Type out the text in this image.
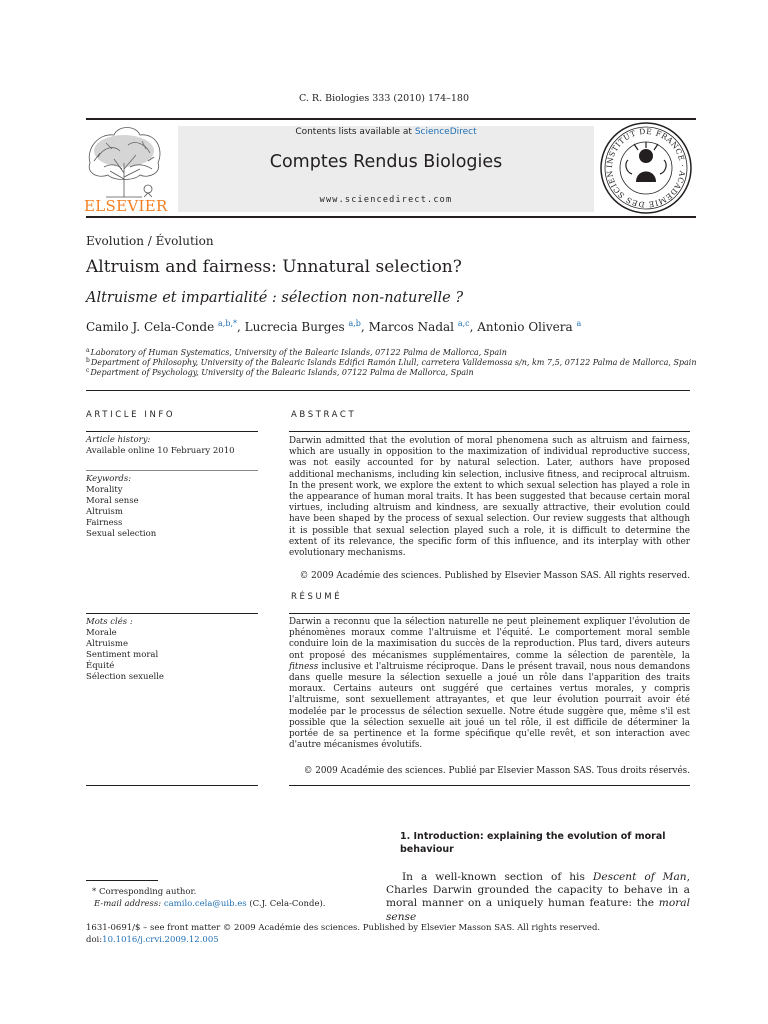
C. R. Biologies 333 (2010) 174–180
ELSEVIER
Contents lists available at ScienceDirect
Comptes Rendus Biologies
www.sciencedirect.com
INSTITUT DE FRANCE · ACADÉMIE DES SCIEN
Evolution / Évolution
Altruism and fairness: Unnatural selection?
Altruisme et impartialité : sélection non-naturelle ?
Camilo J. Cela-Conde $^{a,b,*}$, Lucrecia Burges $^{a,b}$, Marcos Nadal $^{a,c}$, Antonio Olivera $^a$
$^a$Laboratory of Human Systematics, University of the Balearic Islands, 07122 Palma de Mallorca, Spain
$^b$Department of Philosophy, University of the Balearic Islands Edifici Ramón Llull, carretera Valldemossa s/n, km 7,5, 07122 Palma de Mallorca, Spain
$^c$Department of Psychology, University of the Balearic Islands, 07122 Palma de Mallorca, Spain
ARTICLE INFO
Article history:
Available online 10 February 2010
Keywords:
Morality
Moral sense
Altruism
Fairness
Sexual selection
Mots clés :
Morale
Altruisme
Sentiment moral
Équité
Sélection sexuelle
ABSTRACT
Darwin admitted that the evolution of moral phenomena such as altruism and fairness, which are usually in opposition to the maximization of individual reproductive success, was not easily accounted for by natural selection. Later, authors have proposed additional mechanisms, including kin selection, inclusive fitness, and reciprocal altruism. In the present work, we explore the extent to which sexual selection has played a role in the appearance of human moral traits. It has been suggested that because certain moral virtues, including altruism and kindness, are sexually attractive, their evolution could have been shaped by the process of sexual selection. Our review suggests that although it is possible that sexual selection played such a role, it is difficult to determine the extent of its relevance, the specific form of this influence, and its interplay with other evolutionary mechanisms.
© 2009 Académie des sciences. Published by Elsevier Masson SAS. All rights reserved.
RÉSUMÉ
Darwin a reconnu que la sélection naturelle ne peut pleinement expliquer l'évolution de phénomènes moraux comme l'altruisme et l'équité. Le comportement moral semble conduire loin de la maximisation du succès de la reproduction. Plus tard, divers auteurs ont proposé des mécanismes supplémentaires, comme la sélection de parentèle, la fitness inclusive et l'altruisme réciproque. Dans le présent travail, nous nous demandons dans quelle mesure la sélection sexuelle a joué un rôle dans l'apparition des traits moraux. Certains auteurs ont suggéré que certaines vertus morales, y compris l'altruisme, sont sexuellement attrayantes, et que leur évolution pourrait avoir été modelée par le processus de sélection sexuelle. Notre étude suggère que, même s'il est possible que la sélection sexuelle ait joué un tel rôle, il est difficile de déterminer la portée de sa pertinence et la forme spécifique qu'elle revêt, et son interaction avec d'autre mécanismes évolutifs.
© 2009 Académie des sciences. Publié par Elsevier Masson SAS. Tous droits réservés.
1. Introduction: explaining the evolution of moral behaviour
In a well-known section of his Descent of Man, Charles Darwin grounded the capacity to behave in a moral manner on a uniquely human feature: the moral sense
* Corresponding author.
E-mail address: camilo.cela@uib.es (C.J. Cela-Conde).
1631-0691/$ – see front matter © 2009 Académie des sciences. Published by Elsevier Masson SAS. All rights reserved.
doi:10.1016/j.crvi.2009.12.005
